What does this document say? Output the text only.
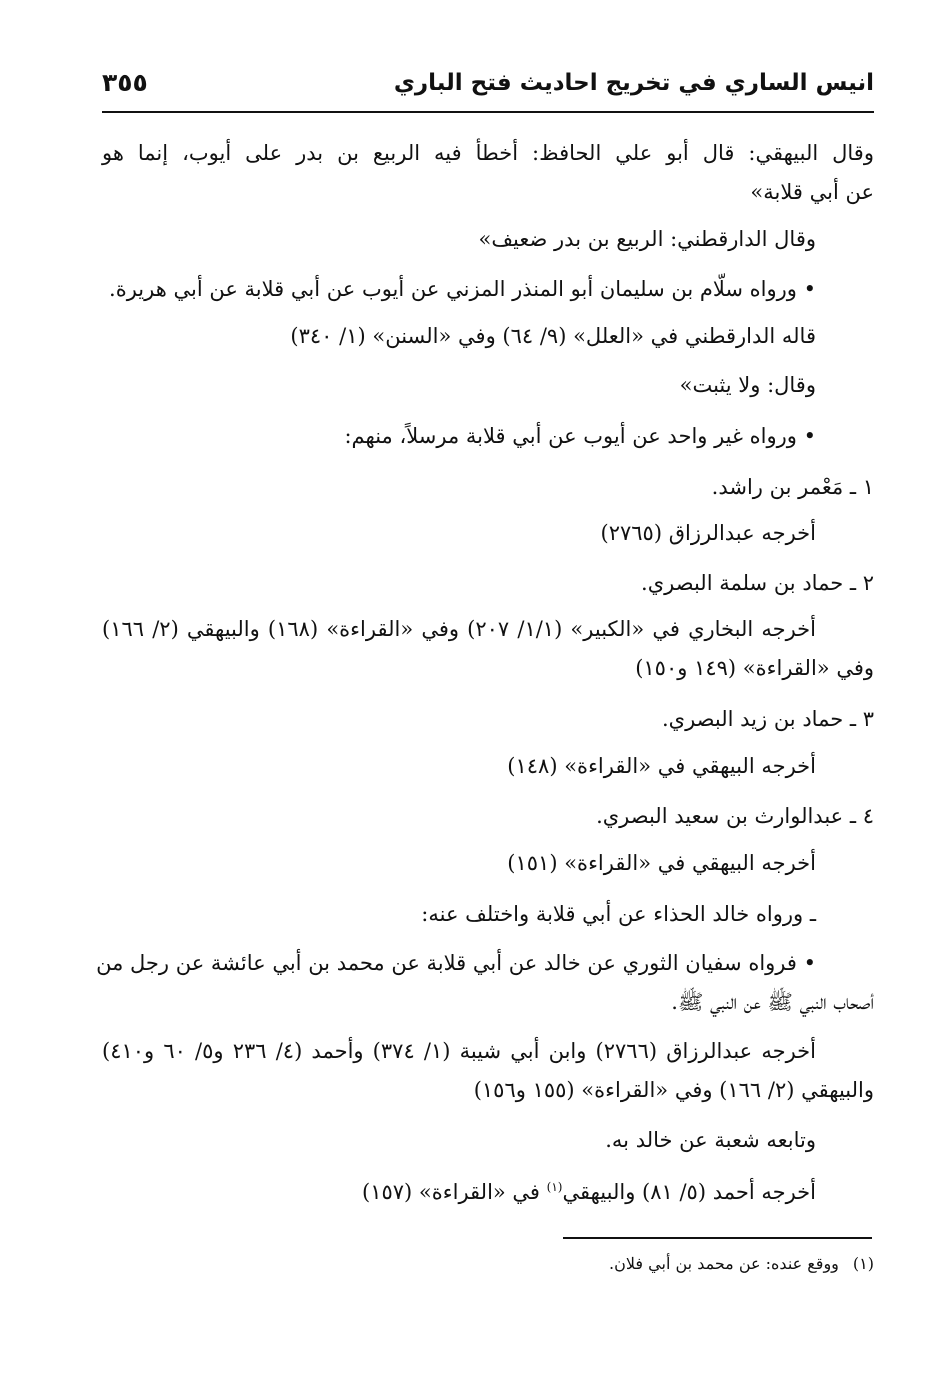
انيس الساري في تخريج احاديث فتح الباري
٣٥٥
وقال البيهقي: قال أبو علي الحافظ: أخطأ فيه الربيع بن بدر على أيوب، إنما هو
عن أبي قلابة»
وقال الدارقطني: الربيع بن بدر ضعيف»
• ورواه سلّام بن سليمان أبو المنذر المزني عن أيوب عن أبي قلابة عن أبي هريرة.
قاله الدارقطني في «العلل» (٩/ ٦٤) وفي «السنن» (١/ ٣٤٠)
وقال: ولا يثبت»
• ورواه غير واحد عن أيوب عن أبي قلابة مرسلاً، منهم:
١ ـ مَعْمر بن راشد.
أخرجه عبدالرزاق (٢٧٦٥)
٢ ـ حماد بن سلمة البصري.
أخرجه البخاري في «الكبير» (١/١/ ٢٠٧) وفي «القراءة» (١٦٨) والبيهقي (٢/ ١٦٦)
وفي «القراءة» (١٤٩ و١٥٠)
٣ ـ حماد بن زيد البصري.
أخرجه البيهقي في «القراءة» (١٤٨)
٤ ـ عبدالوارث بن سعيد البصري.
أخرجه البيهقي في «القراءة» (١٥١)
ـ ورواه خالد الحذاء عن أبي قلابة واختلف عنه:
• فرواه سفيان الثوري عن خالد عن أبي قلابة عن محمد بن أبي عائشة عن رجل من
أصحاب النبي ﷺ عن النبي ﷺ.
أخرجه عبدالرزاق (٢٧٦٦) وابن أبي شيبة (١/ ٣٧٤) وأحمد (٤/ ٢٣٦ و٥/ ٦٠ و٤١٠)
والبيهقي (٢/ ١٦٦) وفي «القراءة» (١٥٥ و١٥٦)
وتابعه شعبة عن خالد به.
أخرجه أحمد (٥/ ٨١) والبيهقي$^{(١)}$ في «القراءة» (١٥٧)
(١)ووقع عنده: عن محمد بن أبي فلان.
